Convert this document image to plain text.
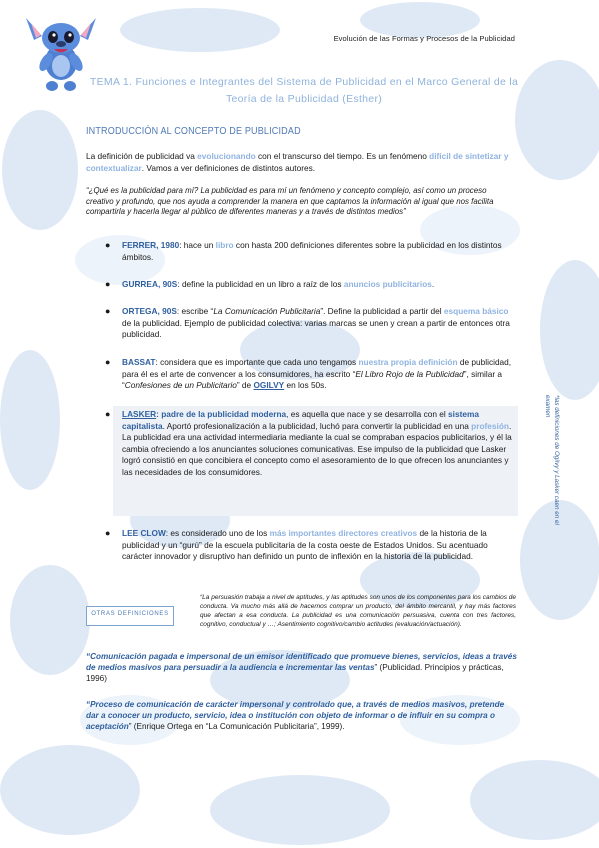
Evolución de las Formas y Procesos de la Publicidad
TEMA 1. Funciones e Integrantes del Sistema de Publicidad en el Marco General de la
Teoría de la Publicidad (Esther)
INTRODUCCIÓN AL CONCEPTO DE PUBLICIDAD
La definición de publicidad va evolucionando con el transcurso del tiempo. Es un fenómeno difícil de sintetizar y contextualizar. Vamos a ver definiciones de distintos autores.
“¿Qué es la publicidad para mí? La publicidad es para mí un fenómeno y concepto complejo, así como un proceso creativo y profundo, que nos ayuda a comprender la manera en que captamos la información al igual que nos facilita compartirla y hacerla llegar al público de diferentes maneras y a través de distintos medios”
● FERRER, 1980: hace un libro con hasta 200 definiciones diferentes sobre la publicidad en los distintos ámbitos.
● GURREA, 90S: define la publicidad en un libro a raíz de los anuncios publicitarios.
● ORTEGA, 90S: escribe “La Comunicación Publicitaria”. Define la publicidad a partir del esquema básico de la publicidad. Ejemplo de publicidad colectiva: varias marcas se unen y crean a partir de entonces otra publicidad.
● BASSAT: considera que es importante que cada uno tengamos nuestra propia definición de publicidad, para él es el arte de convencer a los consumidores, ha escrito “El Libro Rojo de la Publicidad”, similar a “Confesiones de un Publicitario” de OGILVY en los 50s.
● LASKER: padre de la publicidad moderna, es aquella que nace y se desarrolla con el sistema capitalista. Aportó profesionalización a la publicidad, luchó para convertir la publicidad en una profesión.
La publicidad era una actividad intermediaria mediante la cual se compraban espacios publicitarios, y él la cambia ofreciendo a los anunciantes soluciones comunicativas. Ese impulso de la publicidad que Lasker logró consistió en que concibiera el concepto como el asesoramiento de lo que ofrecen los anunciantes y las necesidades de los consumidores.
● LEE CLOW: es considerado uno de los más importantes directores creativos de la historia de la publicidad y un “gurú” de la escuela publicitaria de la costa oeste de Estados Unidos. Su acentuado carácter innovador y disruptivo han definido un punto de inflexión en la historia de la publicidad.
*las definiciones de Ogilvy y Lasker caen en el examen
OTRAS DEFINICIONES
“La persuasión trabaja a nivel de aptitudes, y las aptitudes son unos de los componentes para los cambios de conducta. Va mucho más allá de hacernos comprar un producto, del ámbito mercantil, y hay más factores que afectan a esa conducta. La publicidad es una comunicación persuasiva, cuenta con tres factores, cognitivo, conductual y …; Asentimiento cognitivo/cambio actitudes (evaluación/actuación).
“Comunicación pagada e impersonal de un emisor identificado que promueve bienes, servicios, ideas a través de medios masivos para persuadir a la audiencia e incrementar las ventas” (Publicidad. Principios y prácticas, 1996)
“Proceso de comunicación de carácter impersonal y controlado que, a través de medios masivos, pretende dar a conocer un producto, servicio, idea o institución con objeto de informar o de influir en su compra o aceptación” (Enrique Ortega en “La Comunicación Publicitaria”, 1999).
